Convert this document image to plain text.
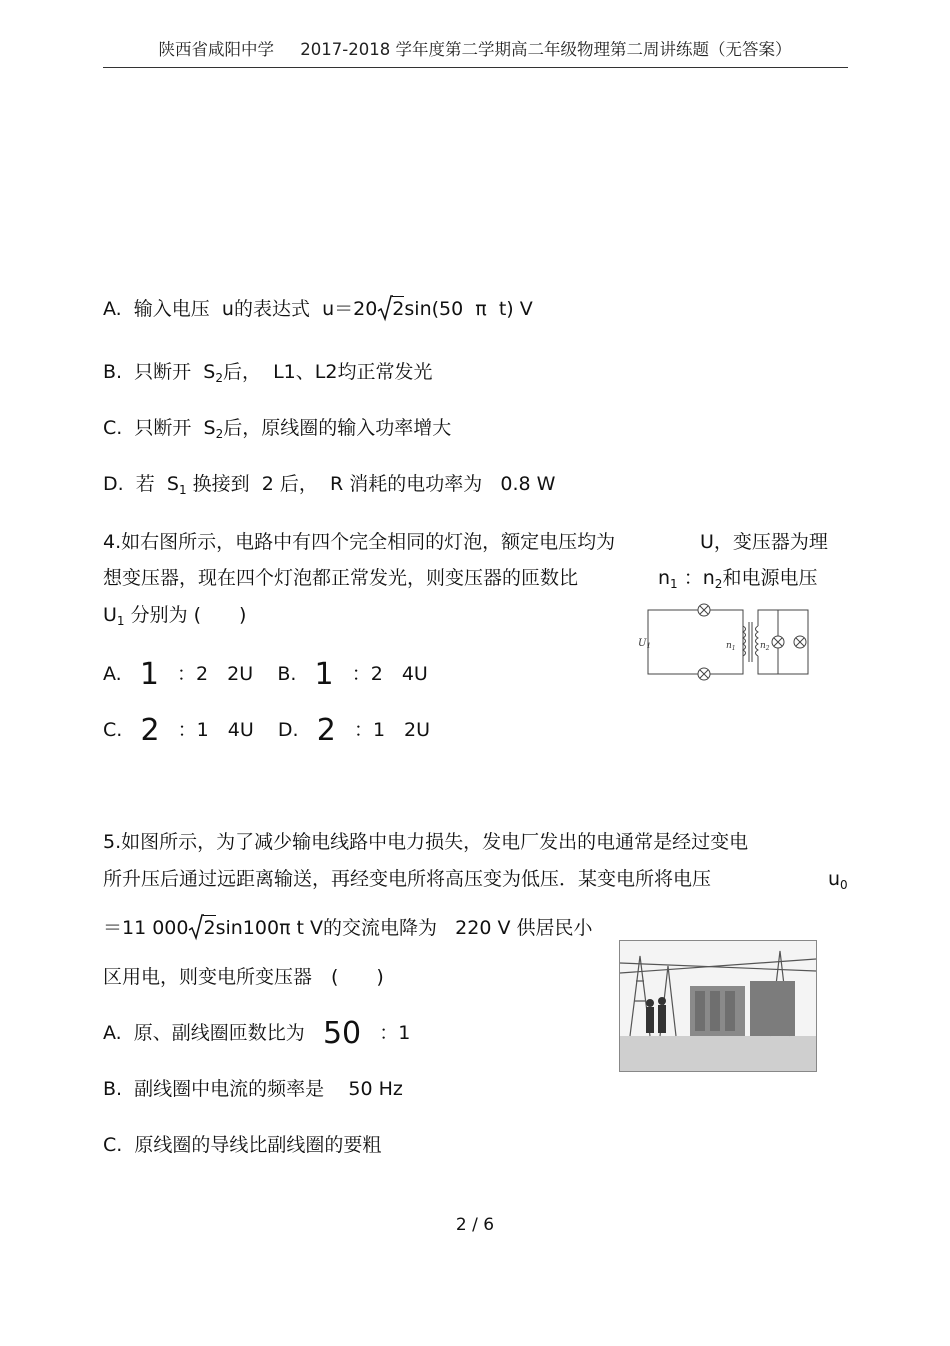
陕西省咸阳中学 2017-2018 学年度第二学期高二年级物理第二周讲练题（无答案）
A. 输入电压 u的表达式 u＝20 2sin(50 π t) V
B. 只断开 $S_2$后， L1、L2均正常发光
C. 只断开 $S_2$后，原线圈的输入功率增大
D. 若 $S_1$ 换接到 2 后， R 消耗的电功率为 0.8 W
4.如右图所示，电路中有四个完全相同的灯泡，额定电压均为	U，变压器为理
想变压器，现在四个灯泡都正常发光，则变压器的匝数比	$n_1$ ：$n_2$和电源电压
$U_1$ 分别为 (　　)
$U_1$	$n_1$	$n_2$
A. 1 ：2　2U B. 1 ：2　4U
C. 2 ：1　4U D. 2 ：1　2U
5.如图所示，为了减少输电线路中电力损失，发电厂发出的电通常是经过变电
所升压后通过远距离输送，再经变电所将高压变为低压．某变电所将电压	$u_0$
＝11 000 2sin100π t V的交流电降为 220 V 供居民小
区用电，则变电所变压器　(　　)
A. 原、副线圈匝数比为 50 ：1
B. 副线圈中电流的频率是 50 Hz
C. 原线圈的导线比副线圈的要粗
2 / 6
